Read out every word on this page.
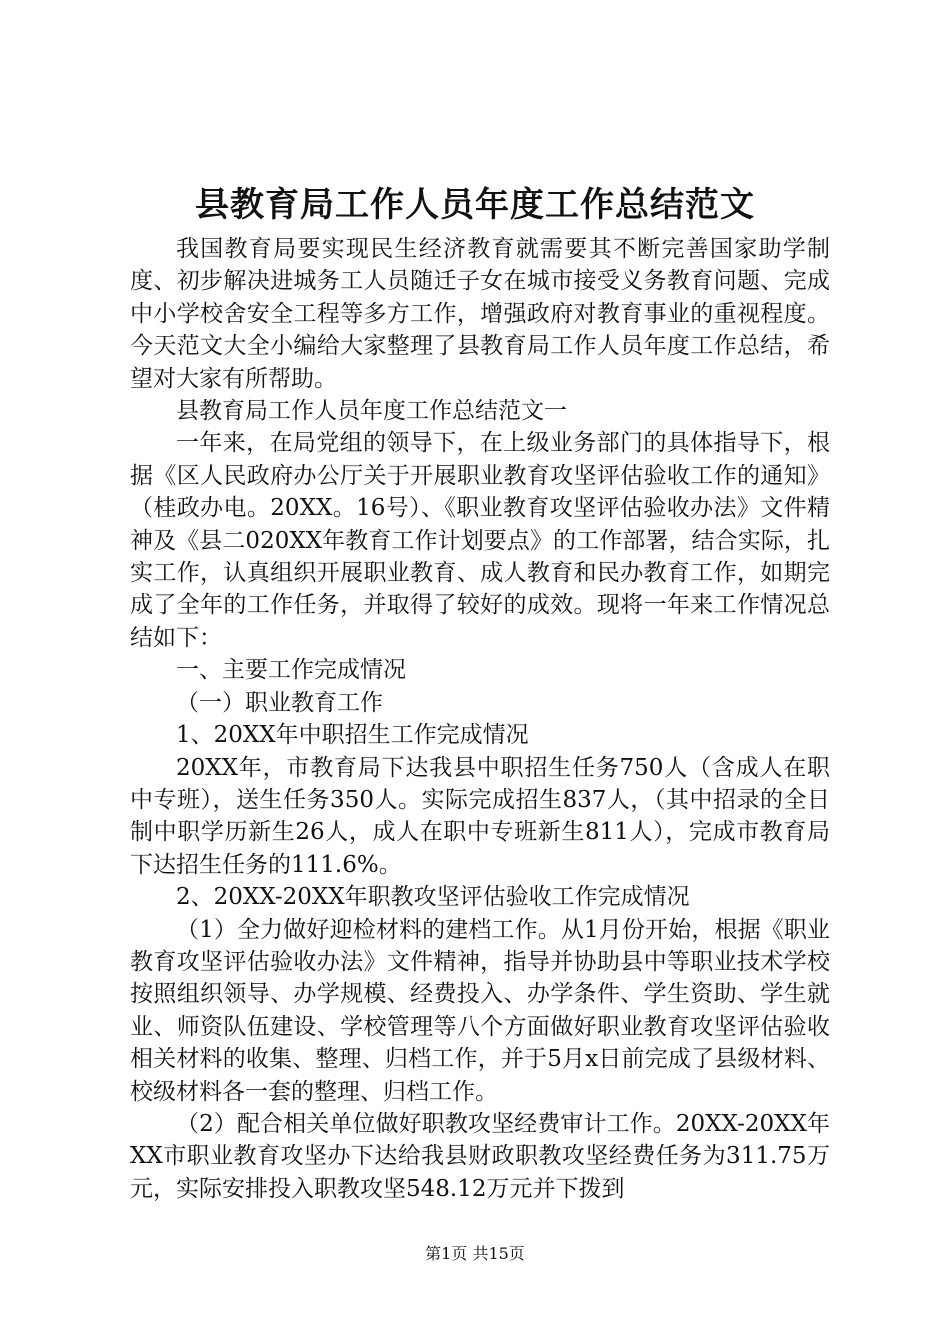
县教育局工作人员年度工作总结范文

我国教育局要实现民生经济教育就需要其不断完善国家助学制度、初步解决进城务工人员随迁子女在城市接受义务教育问题、完成中小学校舍安全工程等多方工作，增强政府对教育事业的重视程度。今天范文大全小编给大家整理了县教育局工作人员年度工作总结，希望对大家有所帮助。

县教育局工作人员年度工作总结范文一

一年来，在局党组的领导下，在上级业务部门的具体指导下，根据《区人民政府办公厅关于开展职业教育攻坚评估验收工作的通知》（桂政办电。20XX。16号）、《职业教育攻坚评估验收办法》文件精神及《县二020XX年教育工作计划要点》的工作部署，结合实际，扎实工作，认真组织开展职业教育、成人教育和民办教育工作，如期完成了全年的工作任务，并取得了较好的成效。现将一年来工作情况总结如下：

一、主要工作完成情况

（一）职业教育工作

1、20XX年中职招生工作完成情况

20XX年，市教育局下达我县中职招生任务750人（含成人在职中专班），送生任务350人。实际完成招生837人，（其中招录的全日制中职学历新生26人，成人在职中专班新生811人），完成市教育局下达招生任务的111.6%。

2、20XX-20XX年职教攻坚评估验收工作完成情况

（1）全力做好迎检材料的建档工作。从1月份开始，根据《职业教育攻坚评估验收办法》文件精神，指导并协助县中等职业技术学校按照组织领导、办学规模、经费投入、办学条件、学生资助、学生就业、师资队伍建设、学校管理等八个方面做好职业教育攻坚评估验收相关材料的收集、整理、归档工作，并于5月x日前完成了县级材料、校级材料各一套的整理、归档工作。

（2）配合相关单位做好职教攻坚经费审计工作。20XX-20XX年XX市职业教育攻坚办下达给我县财政职教攻坚经费任务为311.75万元，实际安排投入职教攻坚548.12万元并下拨到

第1页 共15页
